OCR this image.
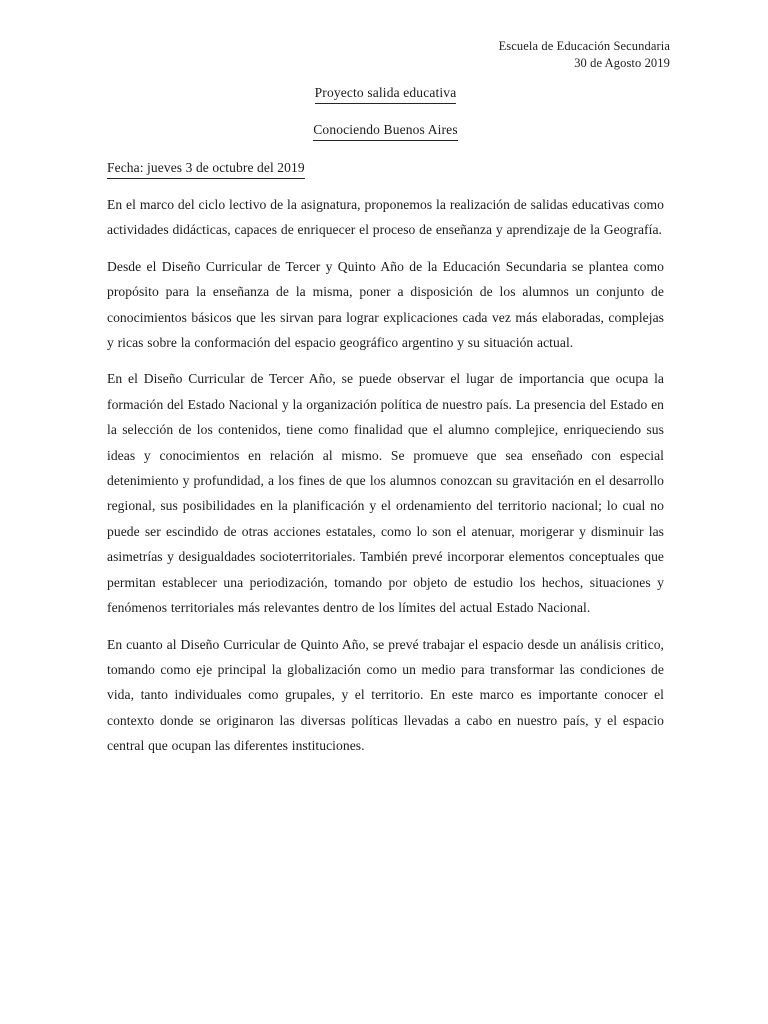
Escuela de Educación Secundaria
30 de Agosto 2019
Proyecto salida educativa
Conociendo Buenos Aires
Fecha: jueves 3 de octubre del 2019

En el marco del ciclo lectivo de la asignatura, proponemos la realización de salidas educativas como actividades didácticas, capaces de enriquecer el proceso de enseñanza y aprendizaje de la Geografía.

Desde el Diseño Curricular de Tercer y Quinto Año de la Educación Secundaria se plantea como propósito para la enseñanza de la misma, poner a disposición de los alumnos un conjunto de conocimientos básicos que les sirvan para lograr explicaciones cada vez más elaboradas, complejas y ricas sobre la conformación del espacio geográfico argentino y su situación actual.

En el Diseño Curricular de Tercer Año, se puede observar el lugar de importancia que ocupa la formación del Estado Nacional y la organización política de nuestro país. La presencia del Estado en la selección de los contenidos, tiene como finalidad que el alumno complejice, enriqueciendo sus ideas y conocimientos en relación al mismo. Se promueve que sea enseñado con especial detenimiento y profundidad, a los fines de que los alumnos conozcan su gravitación en el desarrollo regional, sus posibilidades en la planificación y el ordenamiento del territorio nacional; lo cual no puede ser escindido de otras acciones estatales, como lo son el atenuar, morigerar y disminuir las asimetrías y desigualdades socioterritoriales. También prevé incorporar elementos conceptuales que permitan establecer una periodización, tomando por objeto de estudio los hechos, situaciones y fenómenos territoriales más relevantes dentro de los límites del actual Estado Nacional.

En cuanto al Diseño Curricular de Quinto Año, se prevé trabajar el espacio desde un análisis critico, tomando como eje principal la globalización como un medio para transformar las condiciones de vida, tanto individuales como grupales, y el territorio. En este marco es importante conocer el contexto donde se originaron las diversas políticas llevadas a cabo en nuestro país, y el espacio central que ocupan las diferentes instituciones.
